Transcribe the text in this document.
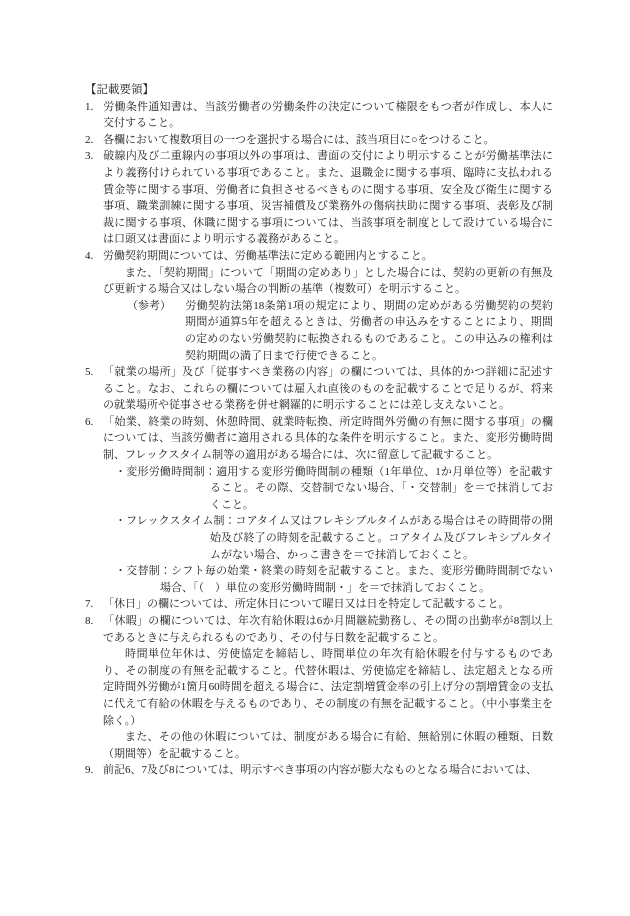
【記載要領】

1. 労働条件通知書は、当該労働者の労働条件の決定について権限をもつ者が作成し、本人に交付すること。

2. 各欄において複数項目の一つを選択する場合には、該当項目に○をつけること。

3. 破線内及び二重線内の事項以外の事項は、書面の交付により明示することが労働基準法により義務付けられている事項であること。また、退職金に関する事項、臨時に支払われる賃金等に関する事項、労働者に負担させるべきものに関する事項、安全及び衛生に関する事項、職業訓練に関する事項、災害補償及び業務外の傷病扶助に関する事項、表彰及び制裁に関する事項、休職に関する事項については、当該事項を制度として設けている場合には口頭又は書面により明示する義務があること。

4. 労働契約期間については、労働基準法に定める範囲内とすること。

また、「契約期間」について「期間の定めあり」とした場合には、契約の更新の有無及び更新する場合又はしない場合の判断の基準（複数可）を明示すること。

（参考） 労働契約法第18条第1項の規定により、期間の定めがある労働契約の契約期間が通算5年を超えるときは、労働者の申込みをすることにより、期間の定めのない労働契約に転換されるものであること。この申込みの権利は契約期間の満了日まで行使できること。

5. 「就業の場所」及び「従事すべき業務の内容」の欄については、具体的かつ詳細に記述すること。なお、これらの欄については雇入れ直後のものを記載することで足りるが、将来の就業場所や従事させる業務を併せ網羅的に明示することには差し支えないこと。

6. 「始業、終業の時刻、休憩時間、就業時転換、所定時間外労働の有無に関する事項」の欄については、当該労働者に適用される具体的な条件を明示すること。また、変形労働時間制、フレックスタイム制等の適用がある場合には、次に留意して記載すること。

・変形労働時間制：適用する変形労働時間制の種類（1年単位、1か月単位等）を記載すること。その際、交替制でない場合、「・交替制」を＝で抹消しておくこと。

・フレックスタイム制：コアタイム又はフレキシブルタイムがある場合はその時間帯の開始及び終了の時刻を記載すること。コアタイム及びフレキシブルタイムがない場合、かっこ書きを＝で抹消しておくこと。

・交替制：シフト毎の始業・終業の時刻を記載すること。また、変形労働時間制でない場合、「（　）単位の変形労働時間制・」を＝で抹消しておくこと。

7. 「休日」の欄については、所定休日について曜日又は日を特定して記載すること。

8. 「休暇」の欄については、年次有給休暇は6か月間継続勤務し、その間の出勤率が8割以上であるときに与えられるものであり、その付与日数を記載すること。

時間単位年休は、労使協定を締結し、時間単位の年次有給休暇を付与するものであり、その制度の有無を記載すること。代替休暇は、労使協定を締結し、法定超えとなる所定時間外労働が1箇月60時間を超える場合に、法定割増賃金率の引上げ分の割増賃金の支払に代えて有給の休暇を与えるものであり、その制度の有無を記載すること。（中小事業主を除く。）

また、その他の休暇については、制度がある場合に有給、無給別に休暇の種類、日数（期間等）を記載すること。

9. 前記6、7及び8については、明示すべき事項の内容が膨大なものとなる場合においては、
